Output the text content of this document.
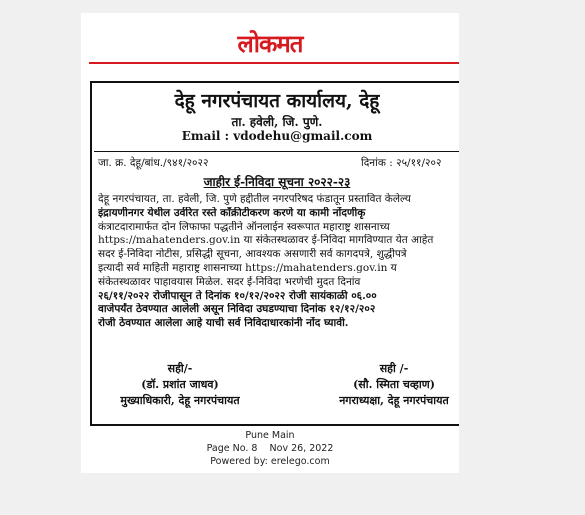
लोकमत
देहू नगरपंचायत कार्यालय, देहू
ता. हवेली, जि. पुणे.
Email : vdodehu@gmail.com
जा. क्र. देहू/बांध./९४१/२०२२	दिनांक : २५/११/२०२
जाहीर ई-निविदा सूचना २०२२-२३
देहू नगरपंचायत, ता. हवेली, जि. पुणे हद्दीतील नगरपरिषद फंडातून प्रस्तावित केलेल्य
इंद्रायणीनगर येथील उर्वरित रस्ते काँक्रीटीकरण करणे या कामी नोंदणीकृ
कंत्राटदारामार्फत दोन लिफाफा पद्धतीने ऑनलाईन स्वरूपात महाराष्ट्र शासनाच्य
https://mahatenders.gov.in या संकेतस्थळावर ई-निविदा मागविण्यात येत आहेत
सदर ई-निविदा नोटीस, प्रसिद्धी सूचना, आवश्यक असणारी सर्व कागदपत्रे, शुद्धीपत्रे
इत्यादी सर्व माहिती महाराष्ट्र शासनाच्या https://mahatenders.gov.in य
संकेतस्थळावर पाहावयास मिळेल. सदर ई-निविदा भरणेची मुदत दिनांव
२६/११/२०२२ रोजीपासून ते दिनांक १०/१२/२०२२ रोजी सायंकाळी ०६.००
वाजेपर्यंत ठेवण्यात आलेली असून निविदा उघडण्याचा दिनांक १२/१२/२०२
रोजी ठेवण्यात आलेला आहे याची सर्व निविदाधारकांनी नोंद घ्यावी.
सही/-
(डॉ. प्रशांत जाधव)
मुख्याधिकारी, देहू नगरपंचायत
सही /-
(सौ. स्मिता चव्हाण)
नगराध्यक्षा, देहू नगरपंचायत
Pune Main
Page No. 8    Nov 26, 2022
Powered by: erelego.com
